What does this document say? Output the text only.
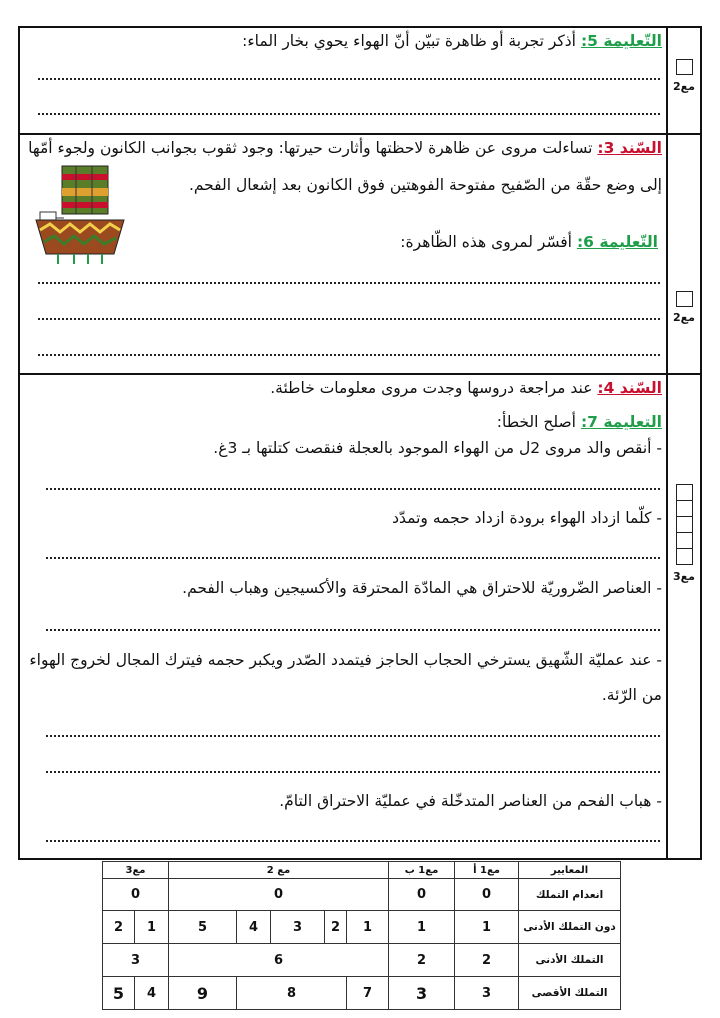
التّعليمة 5: أذكر تجربة أو ظاهرة تبيّن أنّ الهواء يحوي بخار الماء:
مع2
السّند 3: تساءلت مروى عن ظاهرة لاحظتها وأثارت حيرتها: وجود ثقوب بجوانب الكانون ولجوء أمّها
إلى وضع حقّة من الصّفيح مفتوحة الفوهتين فوق الكانون بعد إشعال الفحم.
التّعليمة 6: أفسّر لمروى هذه الظّاهرة:
مع2
السّند 4: عند مراجعة دروسها وجدت مروى معلومات خاطئة.
التعليمة 7: أصلح الخطأ:
- أنقص والد مروى 2ل من الهواء الموجود بالعجلة فنقصت كتلتها بـ 3غ.
- كلّما ازداد الهواء برودة ازداد حجمه وتمدّد
- العناصر الضّروريّة للاحتراق هي المادّة المحترقة والأكسيجين وهباب الفحم.
- عند عمليّة الشّهيق يسترخي الحجاب الحاجز فيتمدد الصّدر ويكبر حجمه فيترك المجال لخروج الهواء
من الرّئة.
- هباب الفحم من العناصر المتدخّلة في عمليّة الاحتراق التامّ.
مع3
مع3		مع 2					مع1 ب	مع1 أ	المعايير
0		0					0	0	انعدام التملك
2	1	5	4	3	2	1	1	1	دون التملك الأدنى
3		6					2	2	التملك الأدنى
5	4	9	8			7	3	3	التملك الأقصى
